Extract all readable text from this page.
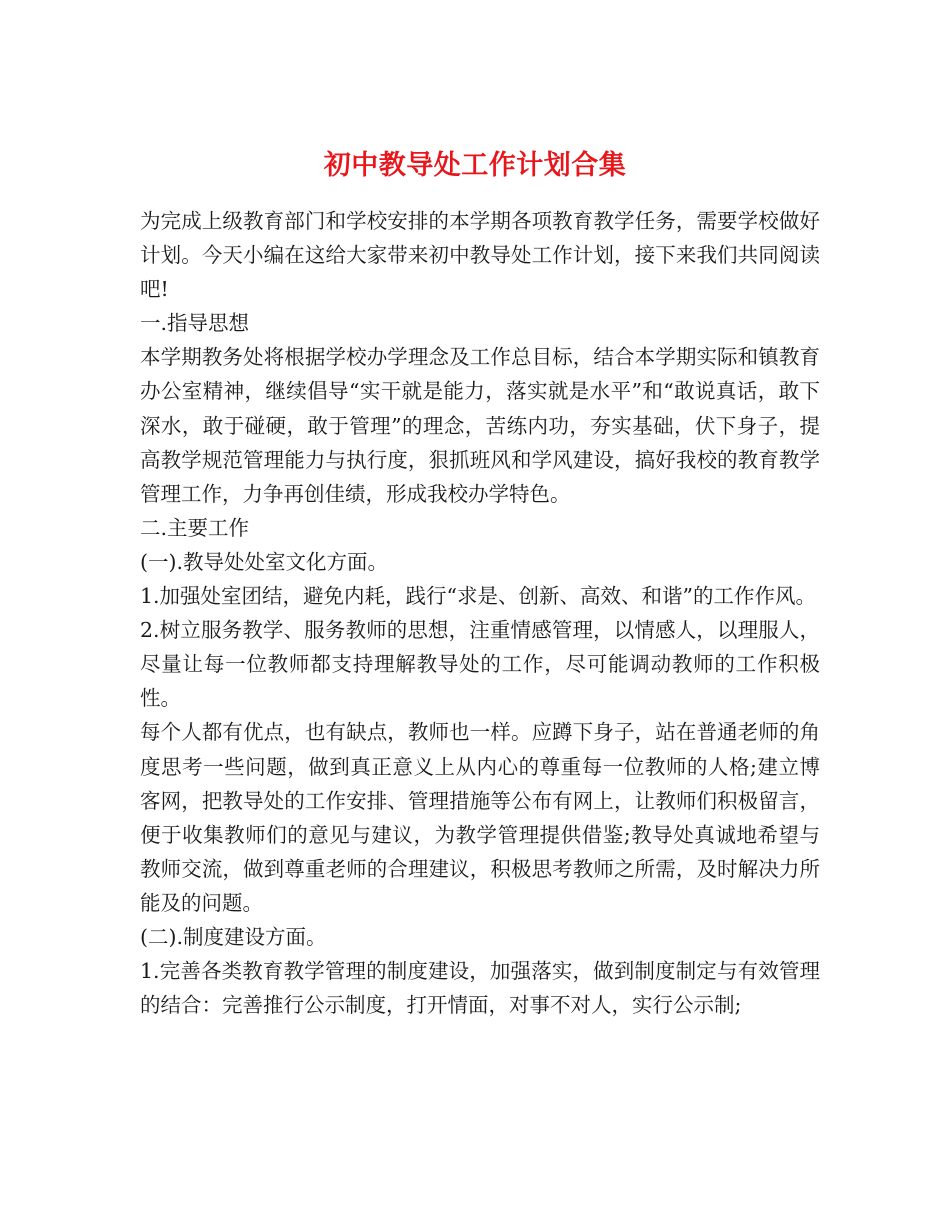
初中教导处工作计划合集

为完成上级教育部门和学校安排的本学期各项教育教学任务，需要学校做好计划。今天小编在这给大家带来初中教导处工作计划，接下来我们共同阅读吧!

一.指导思想

本学期教务处将根据学校办学理念及工作总目标，结合本学期实际和镇教育办公室精神，继续倡导“实干就是能力，落实就是水平”和“敢说真话，敢下深水，敢于碰硬，敢于管理”的理念，苦练内功，夯实基础，伏下身子，提高教学规范管理能力与执行度，狠抓班风和学风建设，搞好我校的教育教学管理工作，力争再创佳绩，形成我校办学特色。

二.主要工作

(一).教导处处室文化方面。

1.加强处室团结，避免内耗，践行“求是、创新、高效、和谐”的工作作风。

2.树立服务教学、服务教师的思想，注重情感管理，以情感人，以理服人，尽量让每一位教师都支持理解教导处的工作，尽可能调动教师的工作积极性。

每个人都有优点，也有缺点，教师也一样。应蹲下身子，站在普通老师的角度思考一些问题，做到真正意义上从内心的尊重每一位教师的人格;建立博客网，把教导处的工作安排、管理措施等公布有网上，让教师们积极留言，便于收集教师们的意见与建议，为教学管理提供借鉴;教导处真诚地希望与教师交流，做到尊重老师的合理建议，积极思考教师之所需，及时解决力所能及的问题。

(二).制度建设方面。

1.完善各类教育教学管理的制度建设，加强落实，做到制度制定与有效管理的结合：完善推行公示制度，打开情面，对事不对人，实行公示制;
